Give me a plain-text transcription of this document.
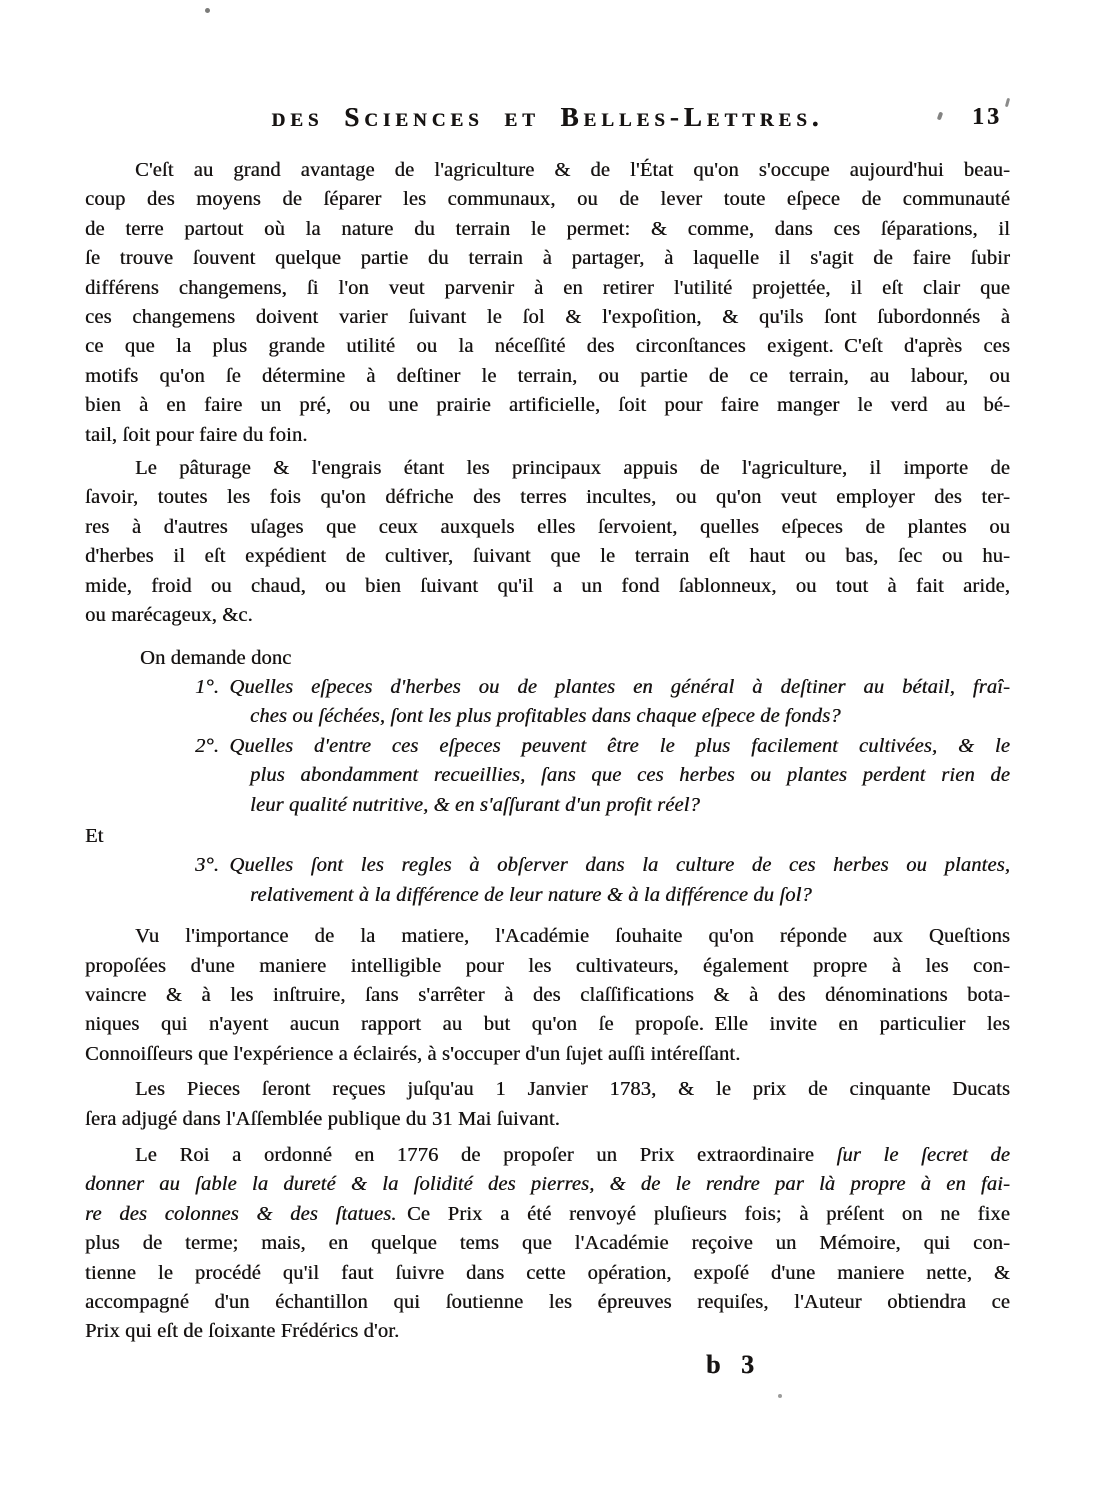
des Sciences et Belles-Lettres.	13
C'eſt au grand avantage de l'agriculture & de l'État qu'on s'occupe aujourd'hui beau-
coup des moyens de ſéparer les communaux, ou de lever toute eſpece de communauté
de terre partout où la nature du terrain le permet: & comme, dans ces ſéparations, il
ſe trouve ſouvent quelque partie du terrain à partager, à laquelle il s'agit de faire ſubir
différens changemens, ſi l'on veut parvenir à en retirer l'utilité projettée, il eſt clair que
ces changemens doivent varier ſuivant le ſol & l'expoſition, & qu'ils ſont ſubordonnés à
ce que la plus grande utilité ou la néceſſité des circonſtances exigent. C'eſt d'après ces
motifs qu'on ſe détermine à deſtiner le terrain, ou partie de ce terrain, au labour, ou
bien à en faire un pré, ou une prairie artificielle, ſoit pour faire manger le verd au bé-
tail, ſoit pour faire du foin.
Le pâturage & l'engrais étant les principaux appuis de l'agriculture, il importe de
ſavoir, toutes les fois qu'on défriche des terres incultes, ou qu'on veut employer des ter-
res à d'autres uſages que ceux auxquels elles ſervoient, quelles eſpeces de plantes ou
d'herbes il eſt expédient de cultiver, ſuivant que le terrain eſt haut ou bas, ſec ou hu-
mide, froid ou chaud, ou bien ſuivant qu'il a un fond ſablonneux, ou tout à fait aride,
ou marécageux, &c.
On demande donc
1°. Quelles eſpeces d'herbes ou de plantes en général à deſtiner au bétail, fraî-
ches ou ſéchées, ſont les plus profitables dans chaque eſpece de fonds?
2°. Quelles d'entre ces eſpeces peuvent être le plus facilement cultivées, & le
plus abondamment recueillies, ſans que ces herbes ou plantes perdent rien de
leur qualité nutritive, & en s'aſſurant d'un profit réel?
Et
3°. Quelles ſont les regles à obſerver dans la culture de ces herbes ou plantes,
relativement à la différence de leur nature & à la différence du ſol?
Vu l'importance de la matiere, l'Académie ſouhaite qu'on réponde aux Queſtions
propoſées d'une maniere intelligible pour les cultivateurs, également propre à les con-
vaincre & à les inſtruire, ſans s'arrêter à des claſſifications & à des dénominations bota-
niques qui n'ayent aucun rapport au but qu'on ſe propoſe. Elle invite en particulier les
Connoiſſeurs que l'expérience a éclairés, à s'occuper d'un ſujet auſſi intéreſſant.
Les Pieces ſeront reçues juſqu'au 1 Janvier 1783, & le prix de cinquante Ducats
ſera adjugé dans l'Aſſemblée publique du 31 Mai ſuivant.
Le Roi a ordonné en 1776 de propoſer un Prix extraordinaire ſur le ſecret de
donner au ſable la dureté & la ſolidité des pierres, & de le rendre par là propre à en fai-
re des colonnes & des ſtatues. Ce Prix a été renvoyé pluſieurs fois; à préſent on ne fixe
plus de terme; mais, en quelque tems que l'Académie reçoive un Mémoire, qui con-
tienne le procédé qu'il faut ſuivre dans cette opération, expoſé d'une maniere nette, &
accompagné d'un échantillon qui ſoutienne les épreuves requiſes, l'Auteur obtiendra ce
Prix qui eſt de ſoixante Frédérics d'or.
b 3
